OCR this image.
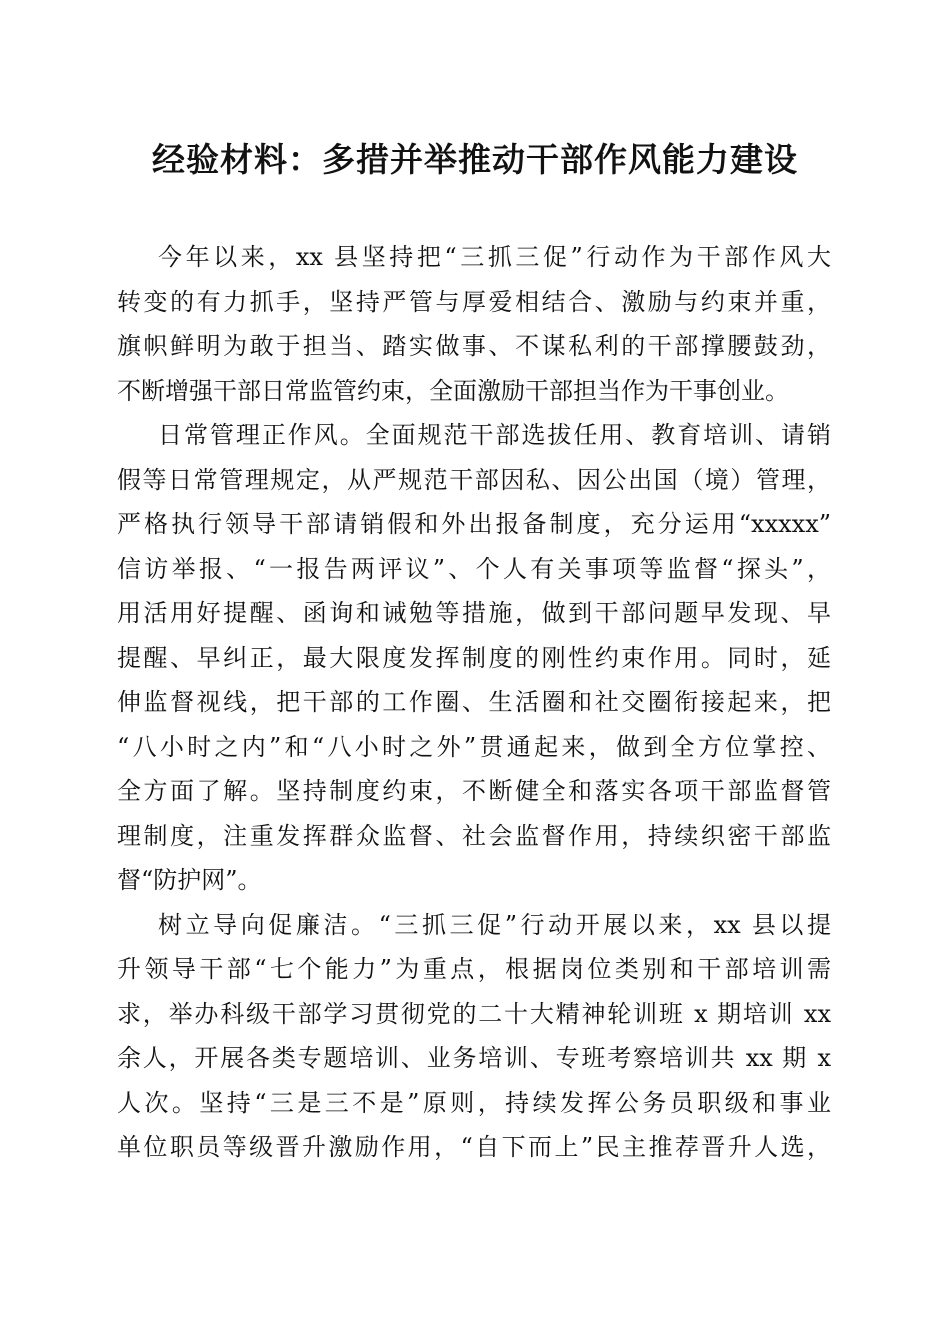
经验材料：多措并举推动干部作风能力建设
今年以来，xx 县坚持把“三抓三促”行动作为干部作风大
转变的有力抓手，坚持严管与厚爱相结合、激励与约束并重，
旗帜鲜明为敢于担当、踏实做事、不谋私利的干部撑腰鼓劲，
不断增强干部日常监管约束，全面激励干部担当作为干事创业。
日常管理正作风。全面规范干部选拔任用、教育培训、请销
假等日常管理规定，从严规范干部因私、因公出国（境）管理，
严格执行领导干部请销假和外出报备制度，充分运用“xxxxx”
信访举报、“一报告两评议”、个人有关事项等监督“探头”，
用活用好提醒、函询和诫勉等措施，做到干部问题早发现、早
提醒、早纠正，最大限度发挥制度的刚性约束作用。同时，延
伸监督视线，把干部的工作圈、生活圈和社交圈衔接起来，把
“八小时之内”和“八小时之外”贯通起来，做到全方位掌控、
全方面了解。坚持制度约束，不断健全和落实各项干部监督管
理制度，注重发挥群众监督、社会监督作用，持续织密干部监
督“防护网”。
树立导向促廉洁。“三抓三促”行动开展以来，xx 县以提
升领导干部“七个能力”为重点，根据岗位类别和干部培训需
求，举办科级干部学习贯彻党的二十大精神轮训班 x 期培训 xx
余人，开展各类专题培训、业务培训、专班考察培训共 xx 期 x
人次。坚持“三是三不是”原则，持续发挥公务员职级和事业
单位职员等级晋升激励作用，“自下而上”民主推荐晋升人选，
